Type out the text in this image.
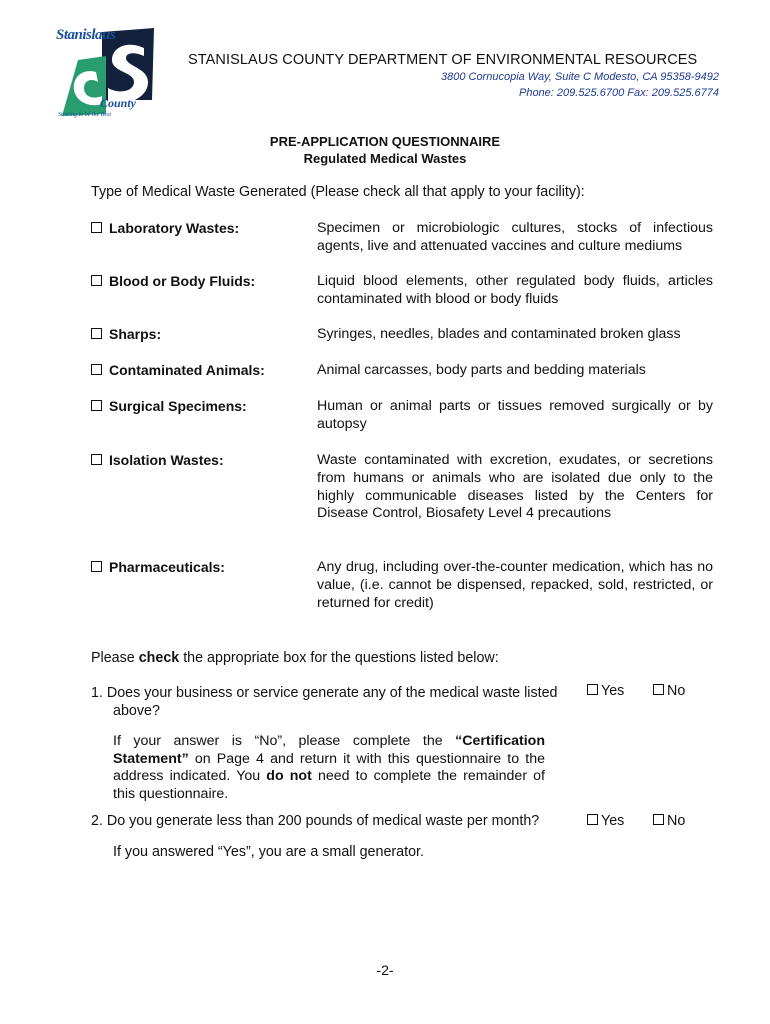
Stanislaus
County
Striving to be the Best
STANISLAUS COUNTY DEPARTMENT OF ENVIRONMENTAL RESOURCES
3800 Cornucopia Way, Suite C Modesto, CA 95358-9492
Phone: 209.525.6700 Fax: 209.525.6774
PRE-APPLICATION QUESTIONNAIRE
Regulated Medical Wastes
Type of Medical Waste Generated (Please check all that apply to your facility):
Laboratory Wastes:	Specimen or microbiologic cultures, stocks of infectious agents, live and attenuated vaccines and culture mediums
Blood or Body Fluids:	Liquid blood elements, other regulated body fluids, articles contaminated with blood or body fluids
Sharps:	Syringes, needles, blades and contaminated broken glass
Contaminated Animals:	Animal carcasses, body parts and bedding materials
Surgical Specimens:	Human or animal parts or tissues removed surgically or by autopsy
Isolation Wastes:	Waste contaminated with excretion, exudates, or secretions from humans or animals who are isolated due only to the highly communicable diseases listed by the Centers for Disease Control, Biosafety Level 4 precautions
Pharmaceuticals:	Any drug, including over-the-counter medication, which has no value, (i.e. cannot be dispensed, repacked, sold, restricted, or returned for credit)
Please check the appropriate box for the questions listed below:
1. Does your business or service generate any of the medical waste listed above?
Yes	No
If your answer is “No”, please complete the “Certification Statement” on Page 4 and return it with this questionnaire to the address indicated. You do not need to complete the remainder of this questionnaire.
2. Do you generate less than 200 pounds of medical waste per month?	Yes	No
If you answered “Yes”, you are a small generator.
-2-
